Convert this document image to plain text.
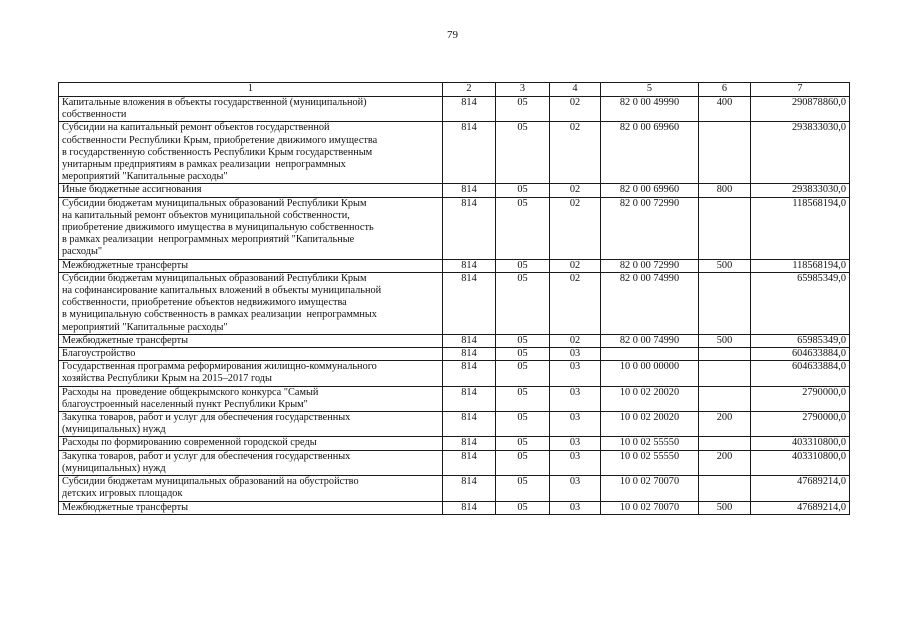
79
1	2	3	4	5	6	7
Капитальные вложения в объекты государственной (муниципальной)
собственности	814	05	02	82 0 00 49990	400	290878860,0
Субсидии на капитальный ремонт объектов государственной
собственности Республики Крым, приобретение движимого имущества
в государственную собственность Республики Крым государственным
унитарным предприятиям в рамках реализации  непрограммных
мероприятий "Капитальные расходы"	814	05	02	82 0 00 69960		293833030,0
Иные бюджетные ассигнования	814	05	02	82 0 00 69960	800	293833030,0
Субсидии бюджетам муниципальных образований Республики Крым
на капитальный ремонт объектов муниципальной собственности,
приобретение движимого имущества в муниципальную собственность
в рамках реализации  непрограммных мероприятий "Капитальные
расходы"	814	05	02	82 0 00 72990		118568194,0
Межбюджетные трансферты	814	05	02	82 0 00 72990	500	118568194,0
Субсидии бюджетам муниципальных образований Республики Крым
на софинансирование капитальных вложений в объекты муниципальной
собственности, приобретение объектов недвижимого имущества
в муниципальную собственность в рамках реализации  непрограммных
мероприятий "Капитальные расходы"	814	05	02	82 0 00 74990		65985349,0
Межбюджетные трансферты	814	05	02	82 0 00 74990	500	65985349,0
Благоустройство	814	05	03			604633884,0
Государственная программа реформирования жилищно-коммунального
хозяйства Республики Крым на 2015–2017 годы	814	05	03	10 0 00 00000		604633884,0
Расходы на  проведение общекрымского конкурса "Самый
благоустроенный населенный пункт Республики Крым"	814	05	03	10 0 02 20020		2790000,0
Закупка товаров, работ и услуг для обеспечения государственных
(муниципальных) нужд	814	05	03	10 0 02 20020	200	2790000,0
Расходы по формированию современной городской среды	814	05	03	10 0 02 55550		403310800,0
Закупка товаров, работ и услуг для обеспечения государственных
(муниципальных) нужд	814	05	03	10 0 02 55550	200	403310800,0
Субсидии бюджетам муниципальных образований на обустройство
детских игровых площадок	814	05	03	10 0 02 70070		47689214,0
Межбюджетные трансферты	814	05	03	10 0 02 70070	500	47689214,0
